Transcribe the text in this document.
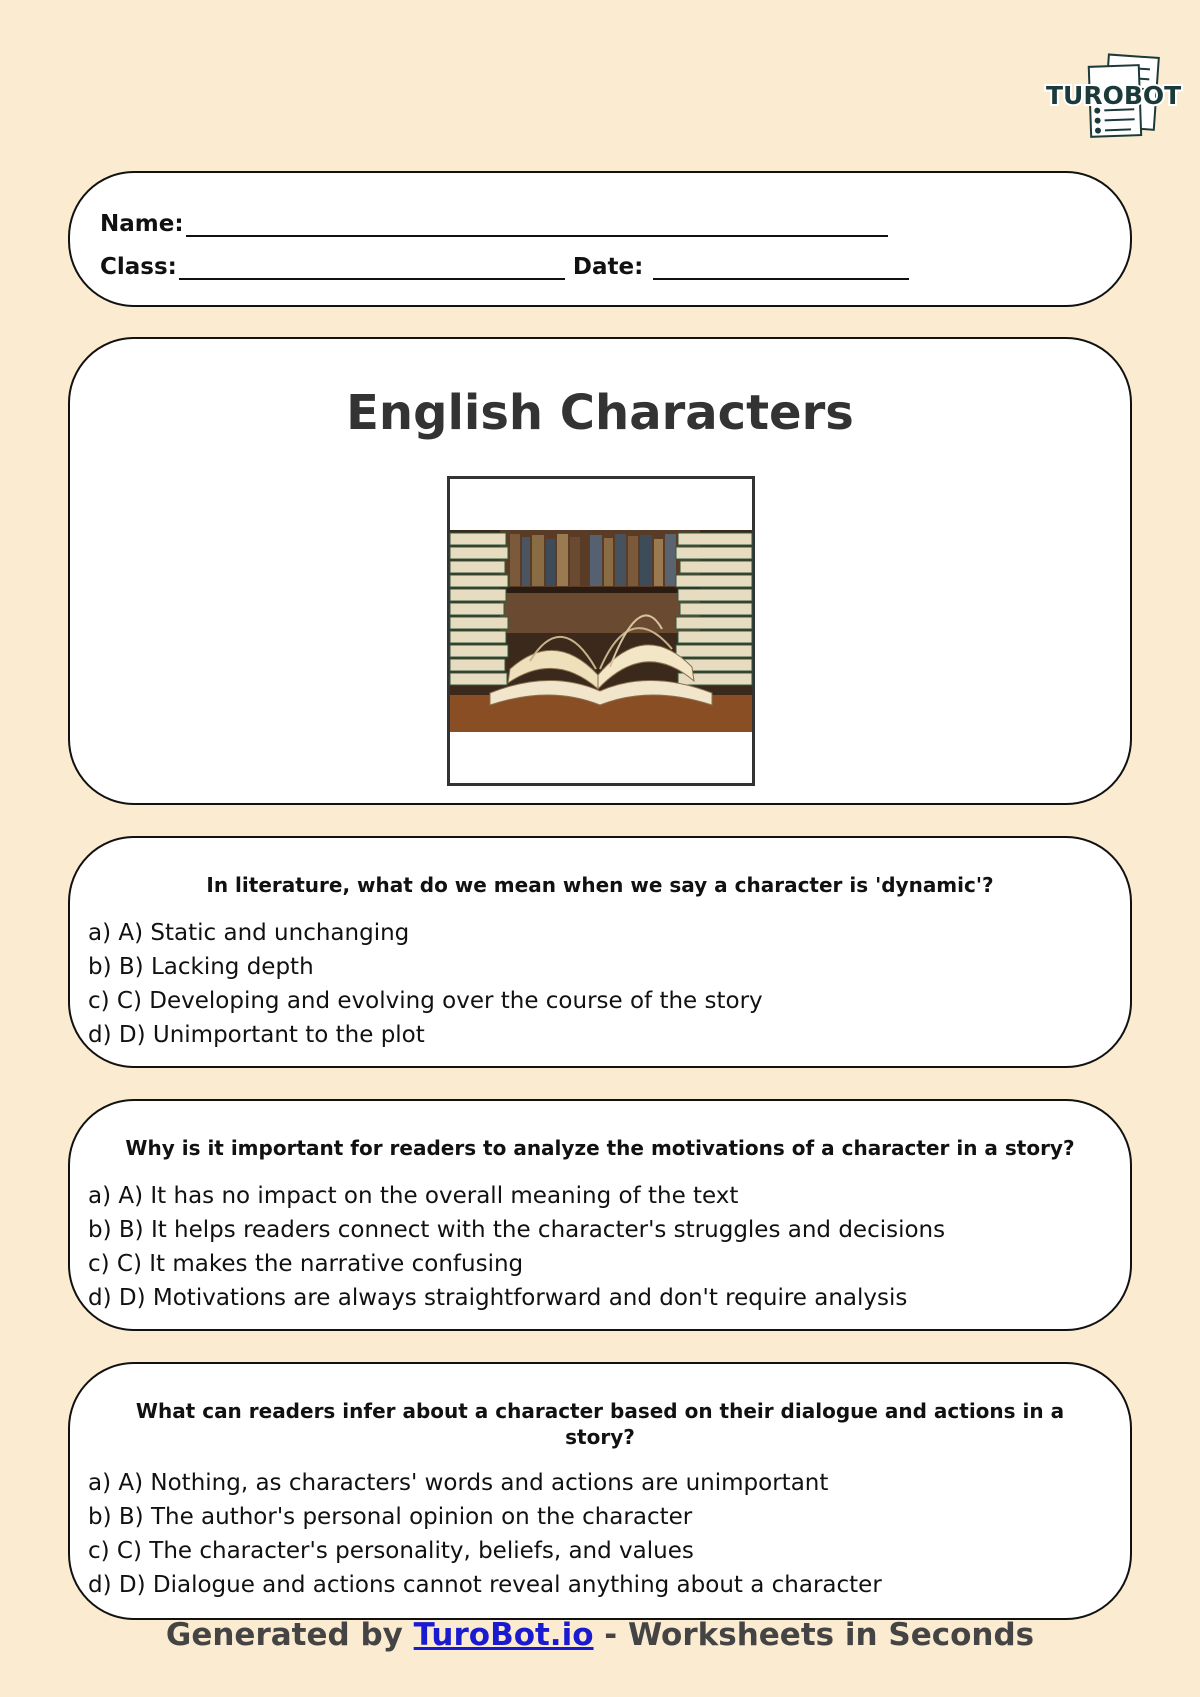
TUROBOT
Name:
Class:	Date:
English Characters
In literature, what do we mean when we say a character is 'dynamic'?
a) A) Static and unchanging
b) B) Lacking depth
c) C) Developing and evolving over the course of the story
d) D) Unimportant to the plot
Why is it important for readers to analyze the motivations of a character in a story?
a) A) It has no impact on the overall meaning of the text
b) B) It helps readers connect with the character's struggles and decisions
c) C) It makes the narrative confusing
d) D) Motivations are always straightforward and don't require analysis
What can readers infer about a character based on their dialogue and actions in a story?
a) A) Nothing, as characters' words and actions are unimportant
b) B) The author's personal opinion on the character
c) C) The character's personality, beliefs, and values
d) D) Dialogue and actions cannot reveal anything about a character
Generated by TuroBot.io - Worksheets in Seconds
